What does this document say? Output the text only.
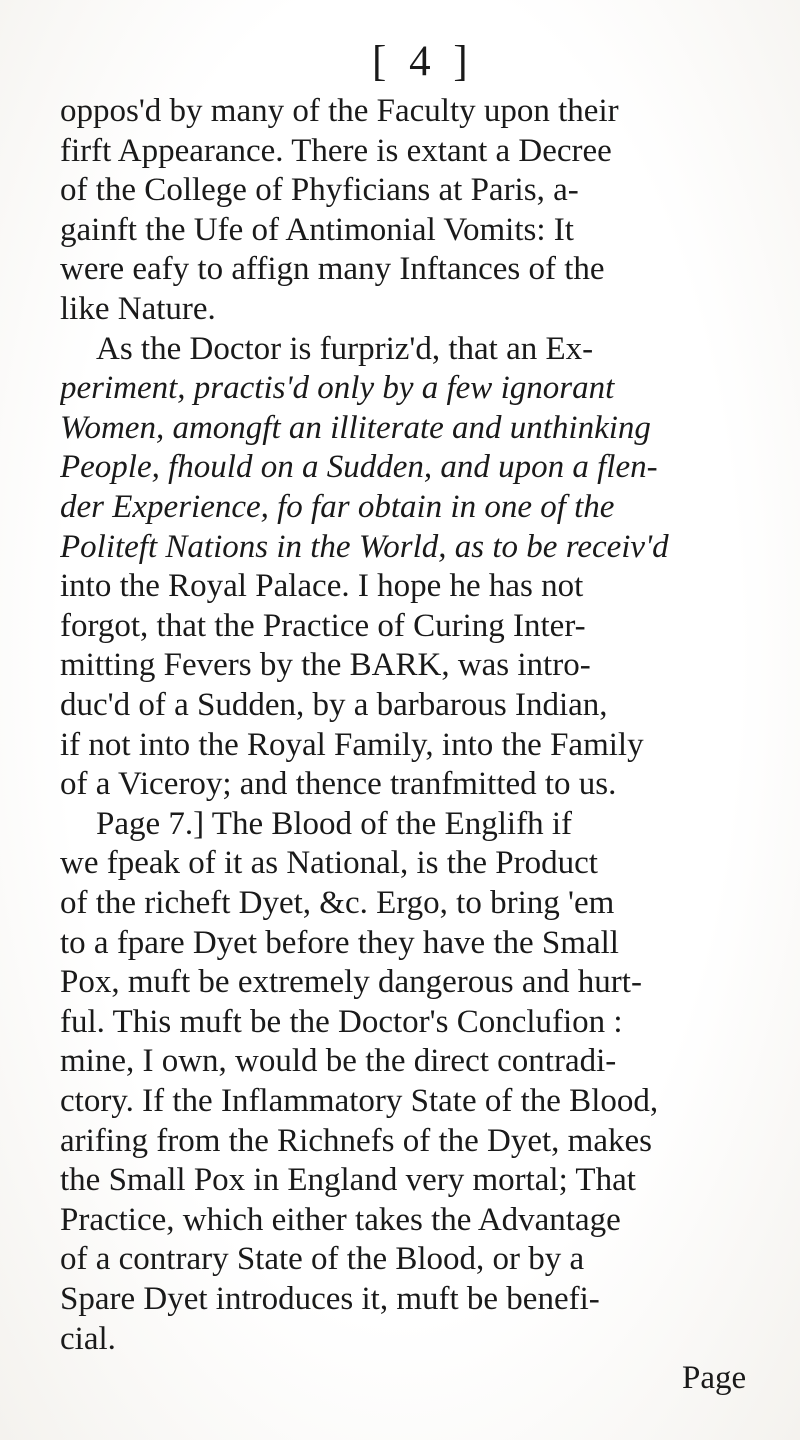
[ 4 ]
oppos'd by many of the Faculty upon their
firft Appearance. There is extant a Decree
of the College of Phyficians at Paris, a-
gainft the Ufe of Antimonial Vomits: It
were eafy to affign many Inftances of the
like Nature.
As the Doctor is furpriz'd, that an Ex-
periment, practis'd only by a few ignorant
Women, amongft an illiterate and unthinking
People, fhould on a Sudden, and upon a flen-
der Experience, fo far obtain in one of the
Politeft Nations in the World, as to be receiv'd
into the Royal Palace. I hope he has not
forgot, that the Practice of Curing Inter-
mitting Fevers by the BARK, was intro-
duc'd of a Sudden, by a barbarous Indian,
if not into the Royal Family, into the Family
of a Viceroy; and thence tranfmitted to us.
Page 7.] The Blood of the Englifh if
we fpeak of it as National, is the Product
of the richeft Dyet, &c. Ergo, to bring 'em
to a fpare Dyet before they have the Small
Pox, muft be extremely dangerous and hurt-
ful. This muft be the Doctor's Conclufion :
mine, I own, would be the direct contradi-
ctory. If the Inflammatory State of the Blood,
arifing from the Richnefs of the Dyet, makes
the Small Pox in England very mortal; That
Practice, which either takes the Advantage
of a contrary State of the Blood, or by a
Page
Spare Dyet introduces it, muft be benefi-
cial.
